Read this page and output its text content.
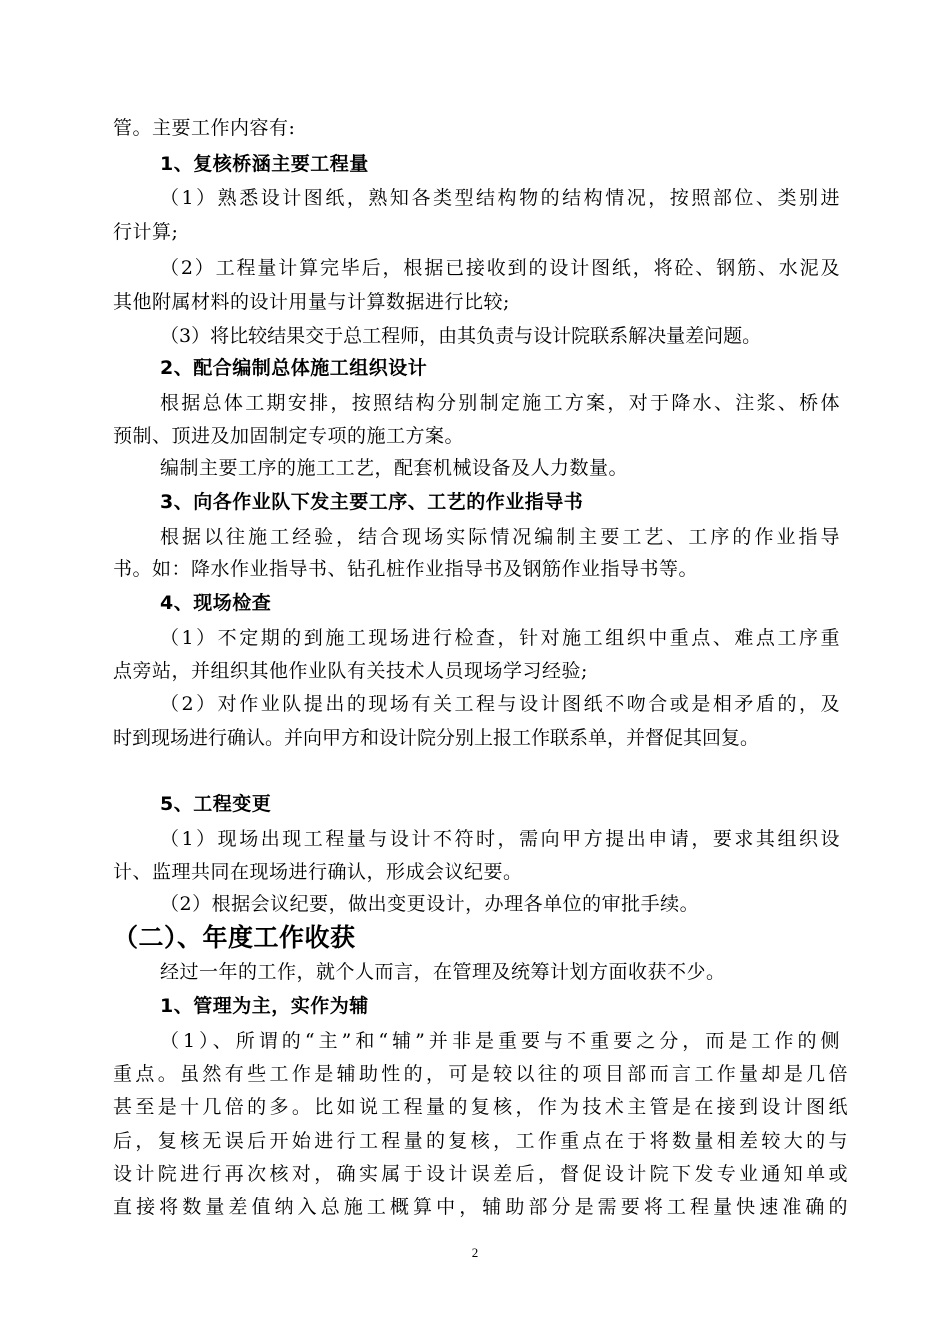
管。主要工作内容有:
1、复核桥涵主要工程量
（1）熟悉设计图纸，熟知各类型结构物的结构情况，按照部位、类别进
行计算;
（2）工程量计算完毕后，根据已接收到的设计图纸，将砼、钢筋、水泥及
其他附属材料的设计用量与计算数据进行比较;
（3）将比较结果交于总工程师，由其负责与设计院联系解决量差问题。
2、配合编制总体施工组织设计
根据总体工期安排，按照结构分别制定施工方案，对于降水、注浆、桥体
预制、顶进及加固制定专项的施工方案。
编制主要工序的施工工艺，配套机械设备及人力数量。
3、向各作业队下发主要工序、工艺的作业指导书
根据以往施工经验，结合现场实际情况编制主要工艺、工序的作业指导
书。如：降水作业指导书、钻孔桩作业指导书及钢筋作业指导书等。
4、现场检查
（1）不定期的到施工现场进行检查，针对施工组织中重点、难点工序重
点旁站，并组织其他作业队有关技术人员现场学习经验;
（2）对作业队提出的现场有关工程与设计图纸不吻合或是相矛盾的，及
时到现场进行确认。并向甲方和设计院分别上报工作联系单，并督促其回复。
5、工程变更
（1）现场出现工程量与设计不符时，需向甲方提出申请，要求其组织设
计、监理共同在现场进行确认，形成会议纪要。
（2）根据会议纪要，做出变更设计，办理各单位的审批手续。
（二）、年度工作收获
经过一年的工作，就个人而言，在管理及统筹计划方面收获不少。
1、管理为主，实作为辅
（1）、所谓的“主”和“辅”并非是重要与不重要之分，而是工作的侧
重点。虽然有些工作是辅助性的，可是较以往的项目部而言工作量却是几倍
甚至是十几倍的多。比如说工程量的复核，作为技术主管是在接到设计图纸
后，复核无误后开始进行工程量的复核，工作重点在于将数量相差较大的与
设计院进行再次核对，确实属于设计误差后，督促设计院下发专业通知单或
直接将数量差值纳入总施工概算中，辅助部分是需要将工程量快速准确的
2
